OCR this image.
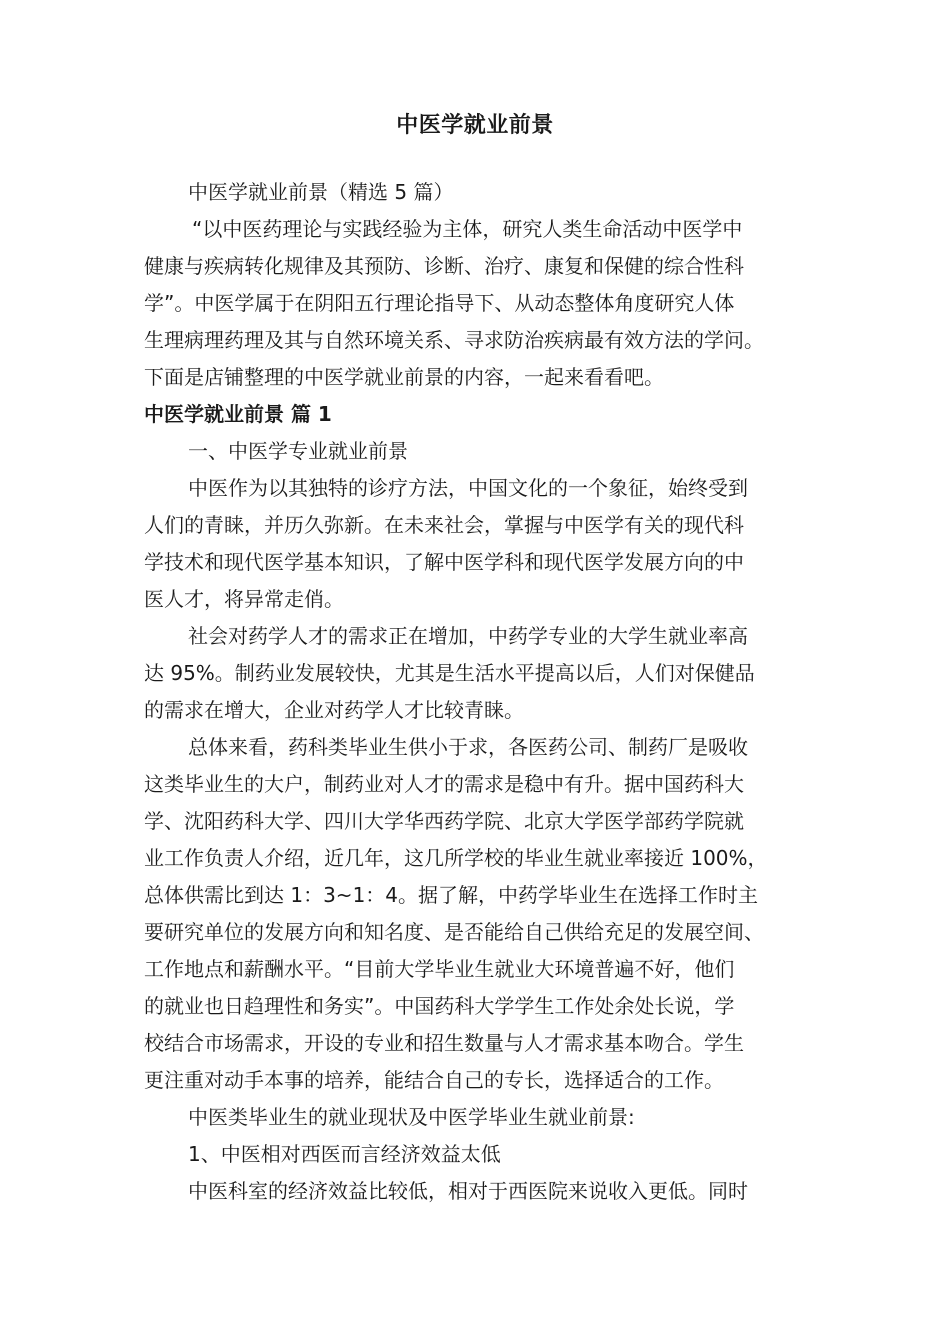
中医学就业前景
中医学就业前景（精选 5 篇）
“以中医药理论与实践经验为主体，研究人类生命活动中医学中
健康与疾病转化规律及其预防、诊断、治疗、康复和保健的综合性科
学”。中医学属于在阴阳五行理论指导下、从动态整体角度研究人体
生理病理药理及其与自然环境关系、寻求防治疾病最有效方法的学问。
下面是店铺整理的中医学就业前景的内容，一起来看看吧。
中医学就业前景 篇 1
一、中医学专业就业前景
中医作为以其独特的诊疗方法，中国文化的一个象征，始终受到
人们的青睐，并历久弥新。在未来社会，掌握与中医学有关的现代科
学技术和现代医学基本知识，了解中医学科和现代医学发展方向的中
医人才，将异常走俏。
社会对药学人才的需求正在增加，中药学专业的大学生就业率高
达 95%。制药业发展较快，尤其是生活水平提高以后，人们对保健品
的需求在增大，企业对药学人才比较青睐。
总体来看，药科类毕业生供小于求，各医药公司、制药厂是吸收
这类毕业生的大户，制药业对人才的需求是稳中有升。据中国药科大
学、沈阳药科大学、四川大学华西药学院、北京大学医学部药学院就
业工作负责人介绍，近几年，这几所学校的毕业生就业率接近 100%，
总体供需比到达 1：3~1：4。据了解，中药学毕业生在选择工作时主
要研究单位的发展方向和知名度、是否能给自己供给充足的发展空间、
工作地点和薪酬水平。“目前大学毕业生就业大环境普遍不好，他们
的就业也日趋理性和务实”。中国药科大学学生工作处余处长说，学
校结合市场需求，开设的专业和招生数量与人才需求基本吻合。学生
更注重对动手本事的培养，能结合自己的专长，选择适合的工作。
中医类毕业生的就业现状及中医学毕业生就业前景:
1、中医相对西医而言经济效益太低
中医科室的经济效益比较低，相对于西医院来说收入更低。同时
